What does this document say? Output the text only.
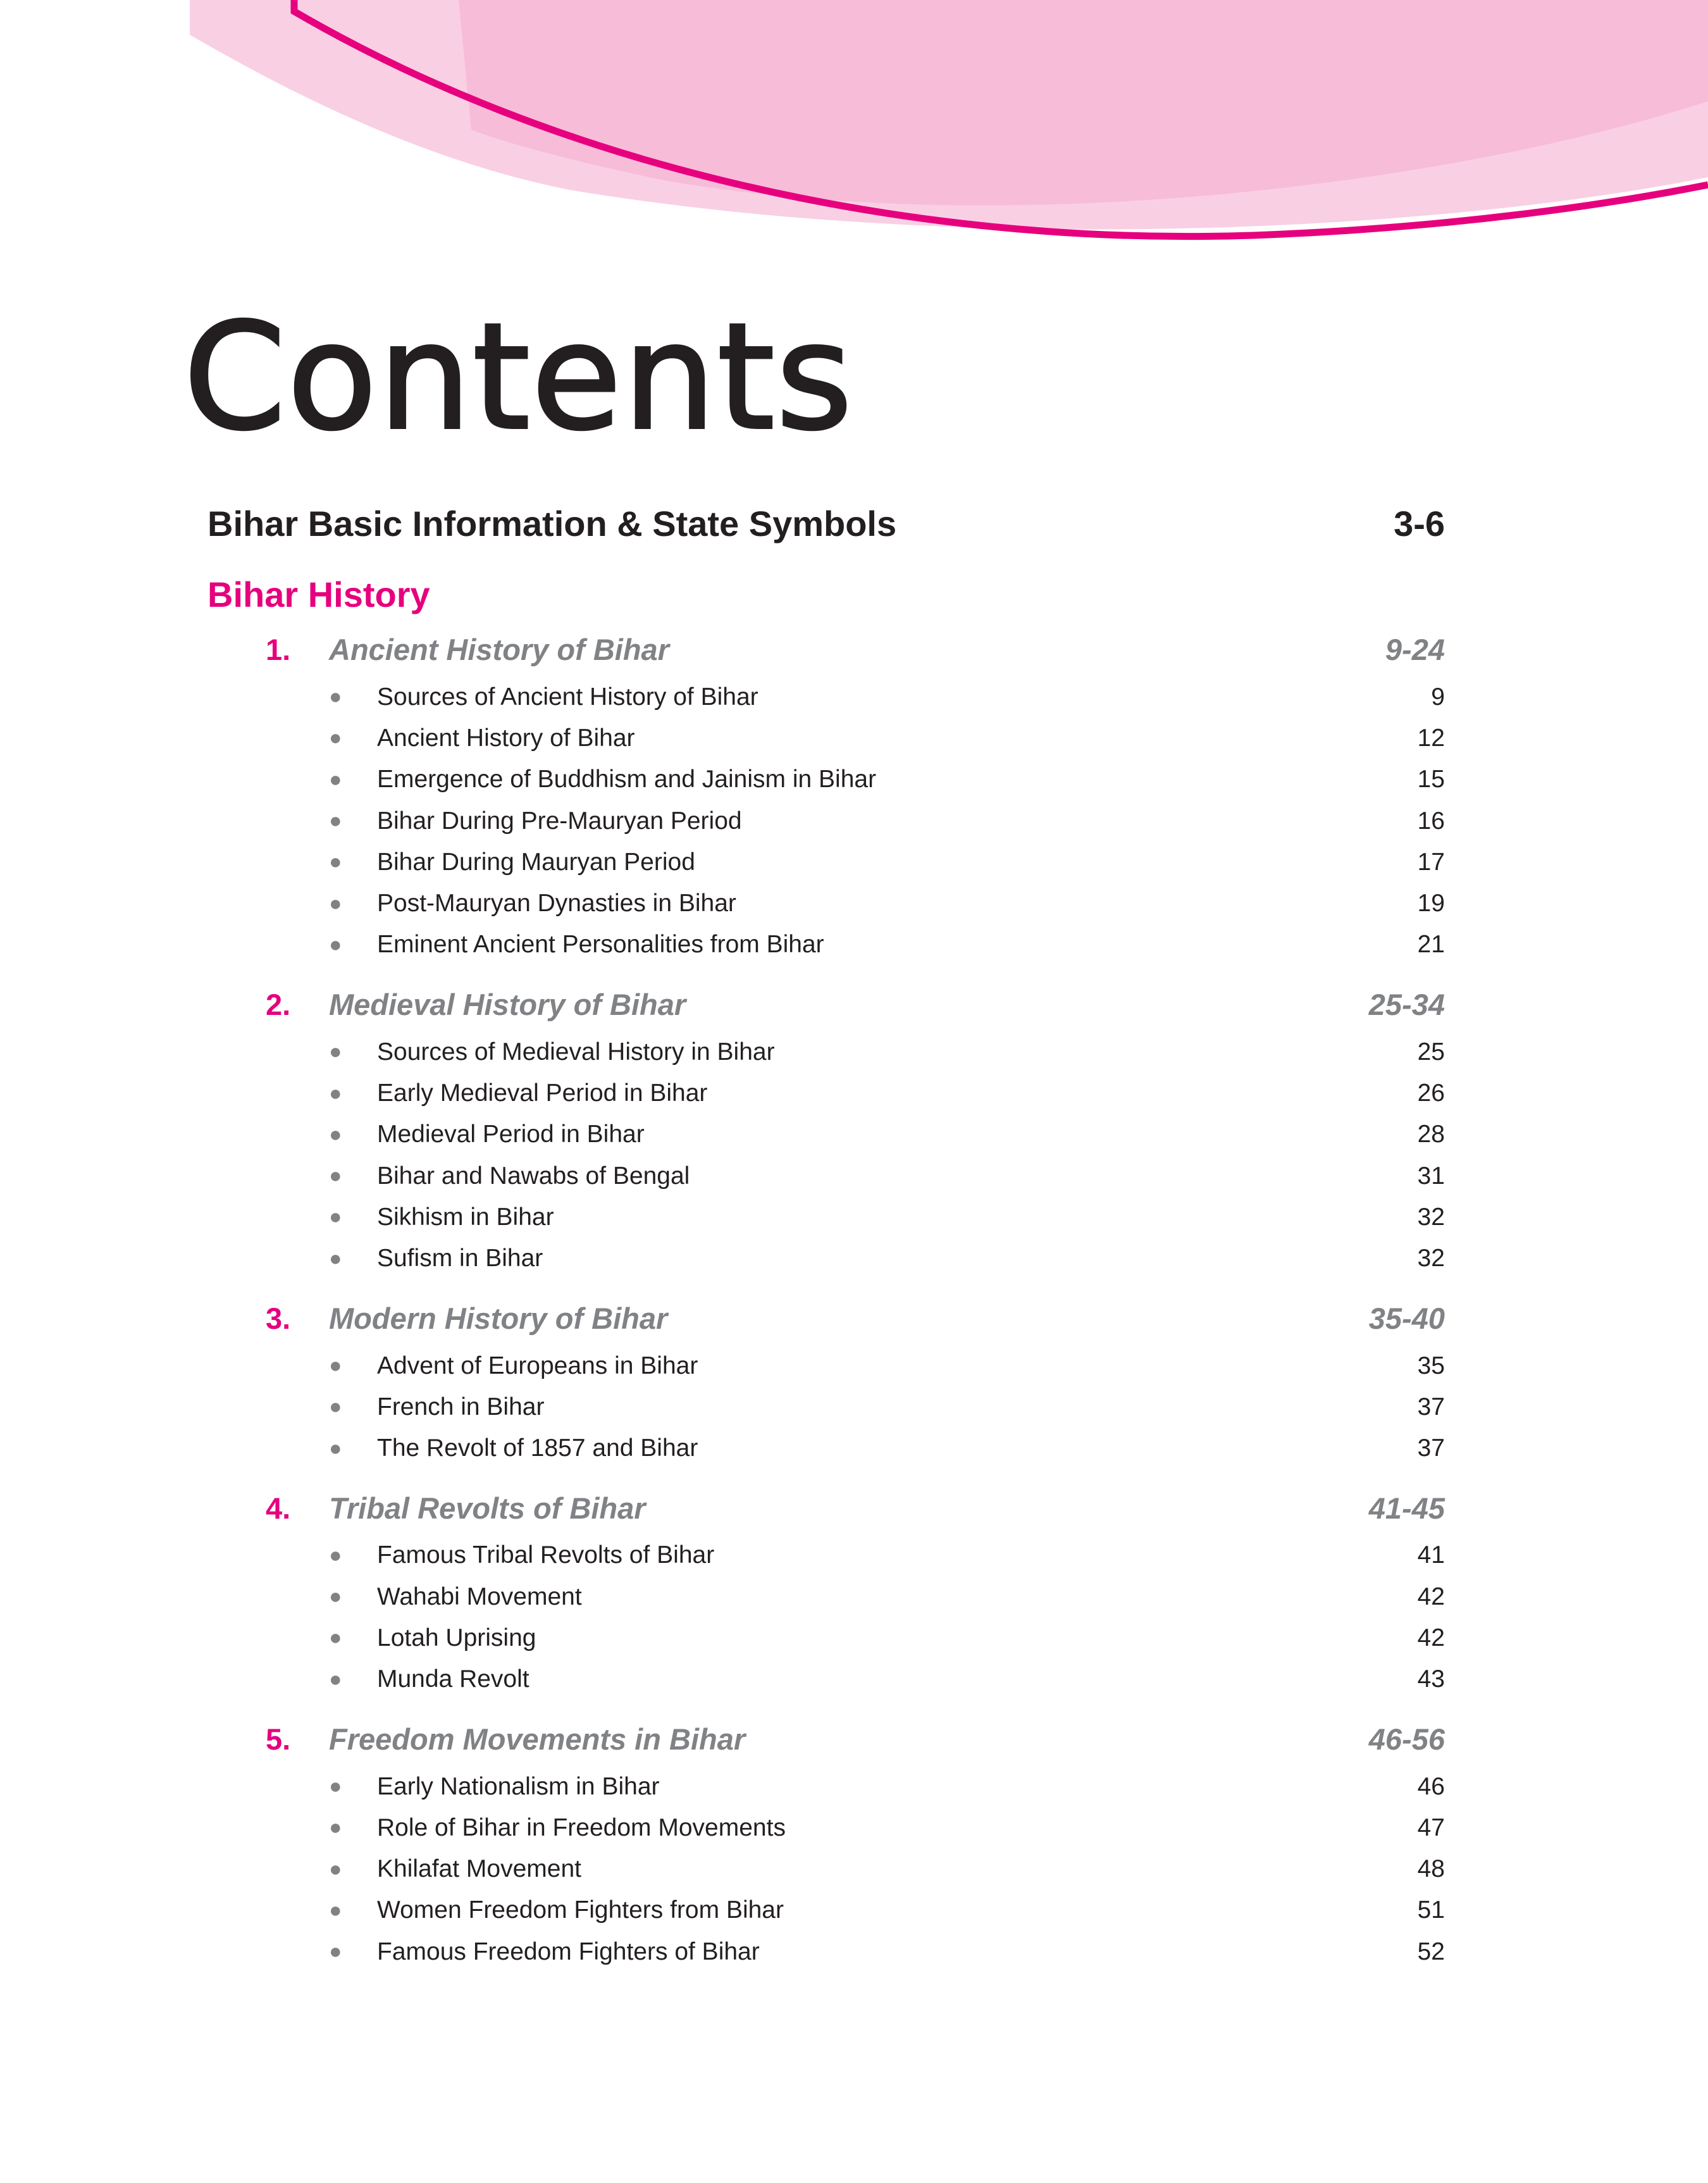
Contents
Bihar Basic Information & State Symbols	3-6
Bihar History
1.	Ancient History of Bihar	9-24
●	Sources of Ancient History of Bihar	9
●	Ancient History of Bihar	12
●	Emergence of Buddhism and Jainism in Bihar	15
●	Bihar During Pre-Mauryan Period	16
●	Bihar During Mauryan Period	17
●	Post-Mauryan Dynasties in Bihar	19
●	Eminent Ancient Personalities from Bihar	21
2.	Medieval History of Bihar	25-34
●	Sources of Medieval History in Bihar	25
●	Early Medieval Period in Bihar	26
●	Medieval Period in Bihar	28
●	Bihar and Nawabs of Bengal	31
●	Sikhism in Bihar	32
●	Sufism in Bihar	32
3.	Modern History of Bihar	35-40
●	Advent of Europeans in Bihar	35
●	French in Bihar	37
●	The Revolt of 1857 and Bihar	37
4.	Tribal Revolts of Bihar	41-45
●	Famous Tribal Revolts of Bihar	41
●	Wahabi Movement	42
●	Lotah Uprising	42
●	Munda Revolt	43
5.	Freedom Movements in Bihar	46-56
●	Early Nationalism in Bihar	46
●	Role of Bihar in Freedom Movements	47
●	Khilafat Movement	48
●	Women Freedom Fighters from Bihar	51
●	Famous Freedom Fighters of Bihar	52
